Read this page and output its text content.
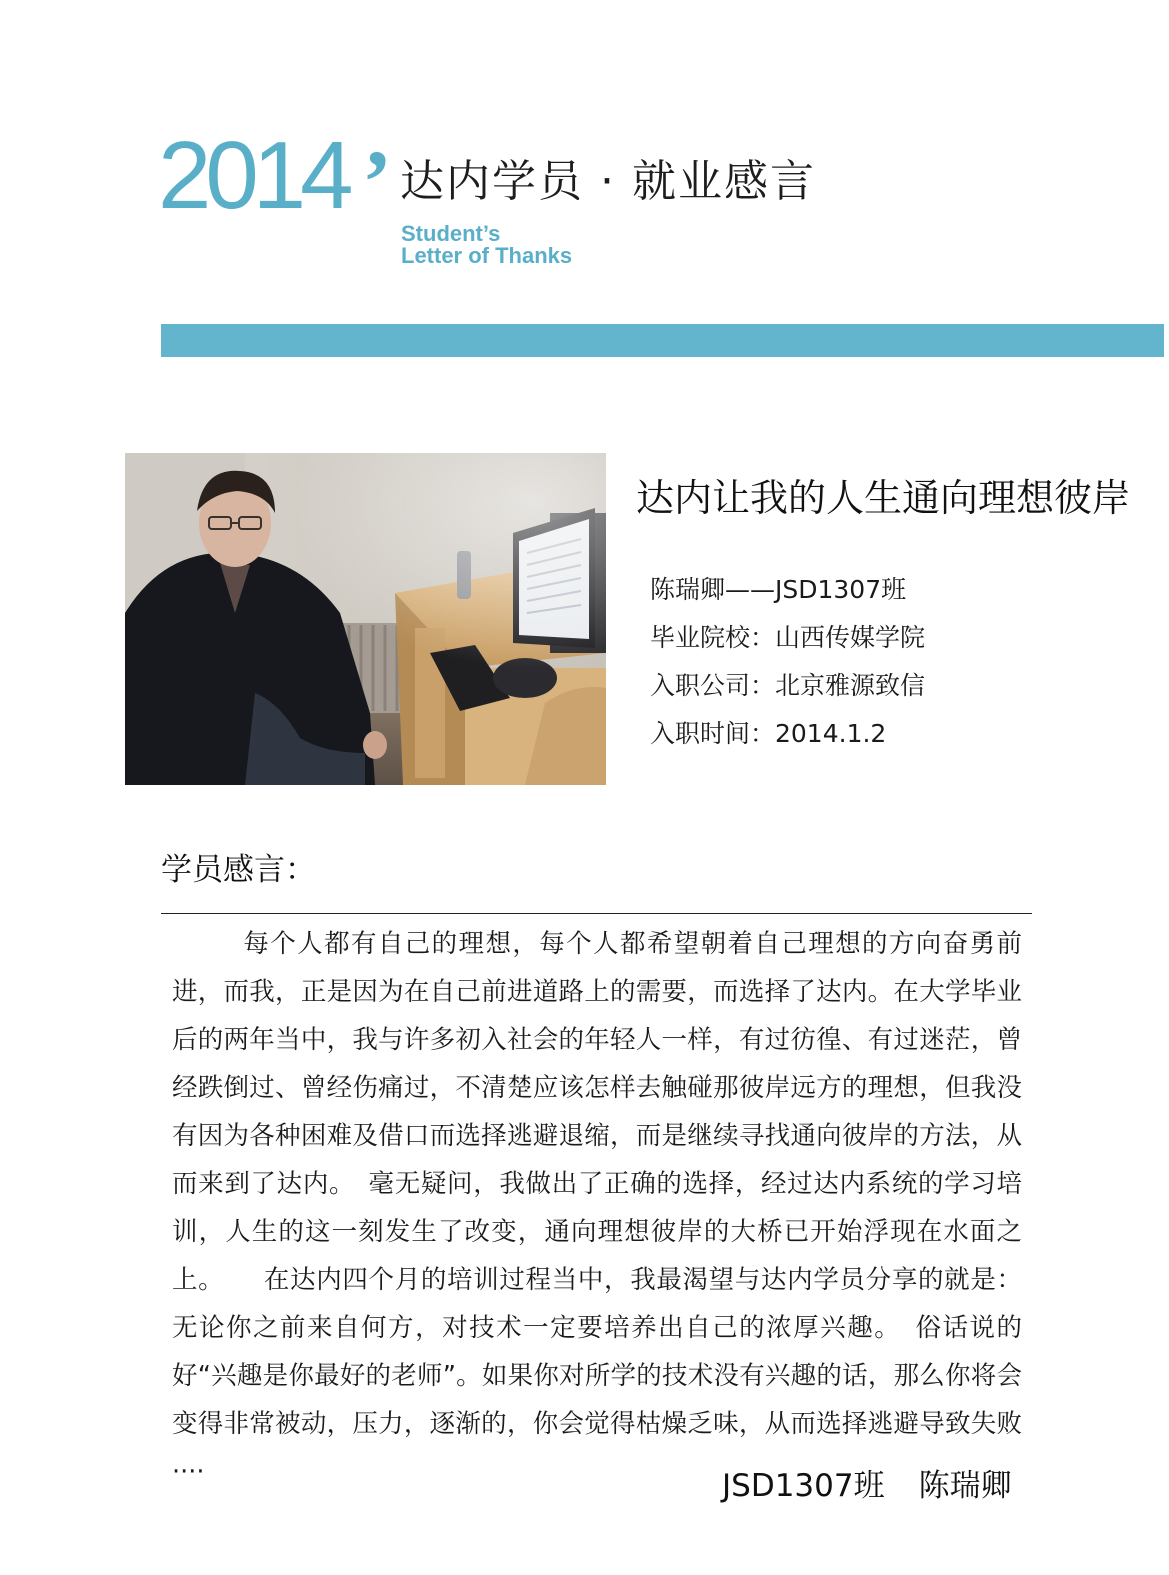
2014 ’ 达内学员 · 就业感言
Student’s
Letter of Thanks
达内让我的人生通向理想彼岸
陈瑞卿——JSD1307班
毕业院校：山西传媒学院
入职公司：北京雅源致信
入职时间：2014.1.2
学员感言：
每个人都有自己的理想，每个人都希望朝着自己理想的方向奋勇前进，而我，正是因为在自己前进道路上的需要，而选择了达内。在大学毕业后的两年当中，我与许多初入社会的年轻人一样，有过彷徨、有过迷茫，曾经跌倒过、曾经伤痛过，不清楚应该怎样去触碰那彼岸远方的理想，但我没有因为各种困难及借口而选择逃避退缩，而是继续寻找通向彼岸的方法，从而来到了达内。　毫无疑问，我做出了正确的选择，经过达内系统的学习培训，人生的这一刻发生了改变，通向理想彼岸的大桥已开始浮现在水面之上。　　在达内四个月的培训过程当中，我最渴望与达内学员分享的就是：无论你之前来自何方，对技术一定要培养出自己的浓厚兴趣。　俗话说的好“兴趣是你最好的老师”。如果你对所学的技术没有兴趣的话，那么你将会变得非常被动，压力，逐渐的，你会觉得枯燥乏味，从而选择逃避导致失败····	JSD1307班 陈瑞卿
